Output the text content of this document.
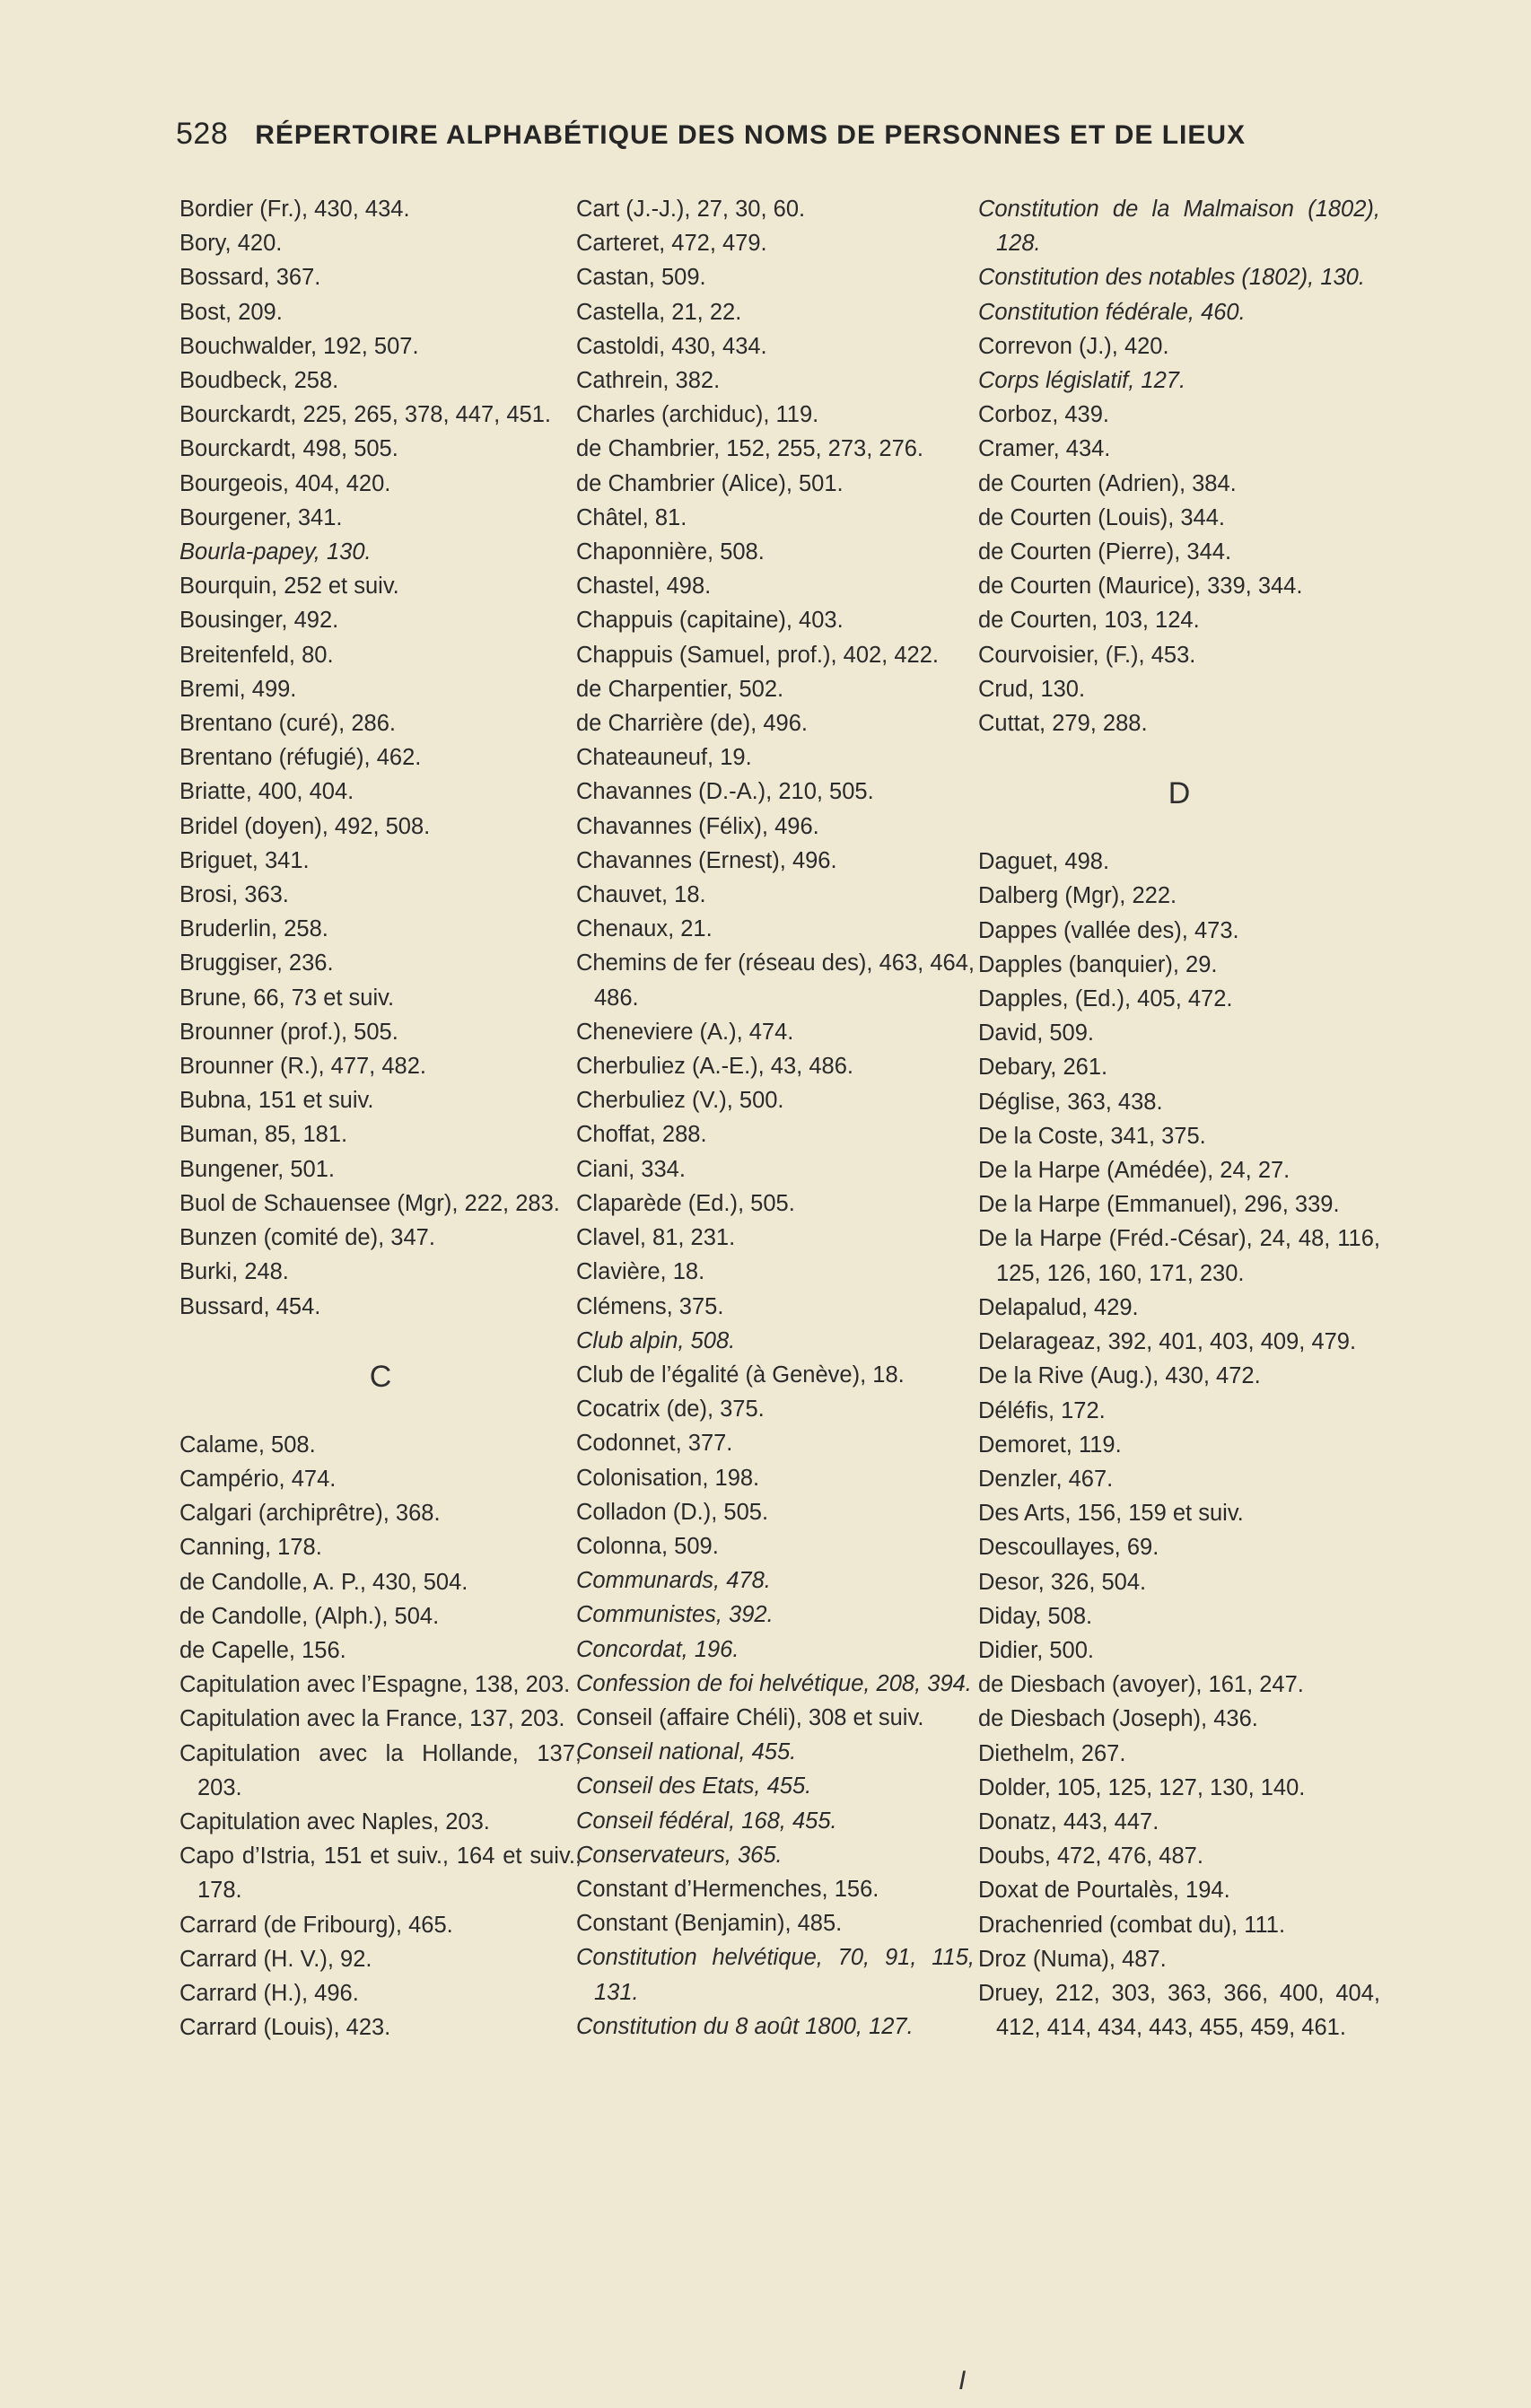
528 RÉPERTOIRE ALPHABÉTIQUE DES NOMS DE PERSONNES ET DE LIEUX
Bordier (Fr.), 430, 434.
Bory, 420.
Bossard, 367.
Bost, 209.
Bouchwalder, 192, 507.
Boudbeck, 258.
Bourckardt, 225, 265, 378, 447, 451.
Bourckardt, 498, 505.
Bourgeois, 404, 420.
Bourgener, 341.
Bourla-papey, 130.
Bourquin, 252 et suiv.
Bousinger, 492.
Breitenfeld, 80.
Bremi, 499.
Brentano (curé), 286.
Brentano (réfugié), 462.
Briatte, 400, 404.
Bridel (doyen), 492, 508.
Briguet, 341.
Brosi, 363.
Bruderlin, 258.
Bruggiser, 236.
Brune, 66, 73 et suiv.
Brounner (prof.), 505.
Brounner (R.), 477, 482.
Bubna, 151 et suiv.
Buman, 85, 181.
Bungener, 501.
Buol de Schauensee (Mgr), 222, 283.
Bunzen (comité de), 347.
Burki, 248.
Bussard, 454.
C
Calame, 508.
Campério, 474.
Calgari (archiprêtre), 368.
Canning, 178.
de Candolle, A. P., 430, 504.
de Candolle, (Alph.), 504.
de Capelle, 156.
Capitulation avec l’Espagne, 138, 203.
Capitulation avec la France, 137, 203.
Capitulation avec la Hollande, 137, 203.
Capitulation avec Naples, 203.
Capo d’Istria, 151 et suiv., 164 et suiv., 178.
Carrard (de Fribourg), 465.
Carrard (H. V.), 92.
Carrard (H.), 496.
Carrard (Louis), 423.
Cart (J.-J.), 27, 30, 60.
Carteret, 472, 479.
Castan, 509.
Castella, 21, 22.
Castoldi, 430, 434.
Cathrein, 382.
Charles (archiduc), 119.
de Chambrier, 152, 255, 273, 276.
de Chambrier (Alice), 501.
Châtel, 81.
Chaponnière, 508.
Chastel, 498.
Chappuis (capitaine), 403.
Chappuis (Samuel, prof.), 402, 422.
de Charpentier, 502.
de Charrière (de), 496.
Chateauneuf, 19.
Chavannes (D.-A.), 210, 505.
Chavannes (Félix), 496.
Chavannes (Ernest), 496.
Chauvet, 18.
Chenaux, 21.
Chemins de fer (réseau des), 463, 464, 486.
Cheneviere (A.), 474.
Cherbuliez (A.-E.), 43, 486.
Cherbuliez (V.), 500.
Choffat, 288.
Ciani, 334.
Claparède (Ed.), 505.
Clavel, 81, 231.
Clavière, 18.
Clémens, 375.
Club alpin, 508.
Club de l’égalité (à Genève), 18.
Cocatrix (de), 375.
Codonnet, 377.
Colonisation, 198.
Colladon (D.), 505.
Colonna, 509.
Communards, 478.
Communistes, 392.
Concordat, 196.
Confession de foi helvétique, 208, 394.
Conseil (affaire Chéli), 308 et suiv.
Conseil national, 455.
Conseil des Etats, 455.
Conseil fédéral, 168, 455.
Conservateurs, 365.
Constant d’Hermenches, 156.
Constant (Benjamin), 485.
Constitution helvétique, 70, 91, 115, 131.
Constitution du 8 août 1800, 127.
Constitution de la Malmaison (1802), 128.
Constitution des notables (1802), 130.
Constitution fédérale, 460.
Correvon (J.), 420.
Corps législatif, 127.
Corboz, 439.
Cramer, 434.
de Courten (Adrien), 384.
de Courten (Louis), 344.
de Courten (Pierre), 344.
de Courten (Maurice), 339, 344.
de Courten, 103, 124.
Courvoisier, (F.), 453.
Crud, 130.
Cuttat, 279, 288.
D
Daguet, 498.
Dalberg (Mgr), 222.
Dappes (vallée des), 473.
Dapples (banquier), 29.
Dapples, (Ed.), 405, 472.
David, 509.
Debary, 261.
Déglise, 363, 438.
De la Coste, 341, 375.
De la Harpe (Amédée), 24, 27.
De la Harpe (Emmanuel), 296, 339.
De la Harpe (Fréd.-César), 24, 48, 116, 125, 126, 160, 171, 230.
Delapalud, 429.
Delarageaz, 392, 401, 403, 409, 479.
De la Rive (Aug.), 430, 472.
Déléfis, 172.
Demoret, 119.
Denzler, 467.
Des Arts, 156, 159 et suiv.
Descoullayes, 69.
Desor, 326, 504.
Diday, 508.
Didier, 500.
de Diesbach (avoyer), 161, 247.
de Diesbach (Joseph), 436.
Diethelm, 267.
Dolder, 105, 125, 127, 130, 140.
Donatz, 443, 447.
Doubs, 472, 476, 487.
Doxat de Pourtalès, 194.
Drachenried (combat du), 111.
Droz (Numa), 487.
Druey, 212, 303, 363, 366, 400, 404, 412, 414, 434, 443, 455, 459, 461.
I
